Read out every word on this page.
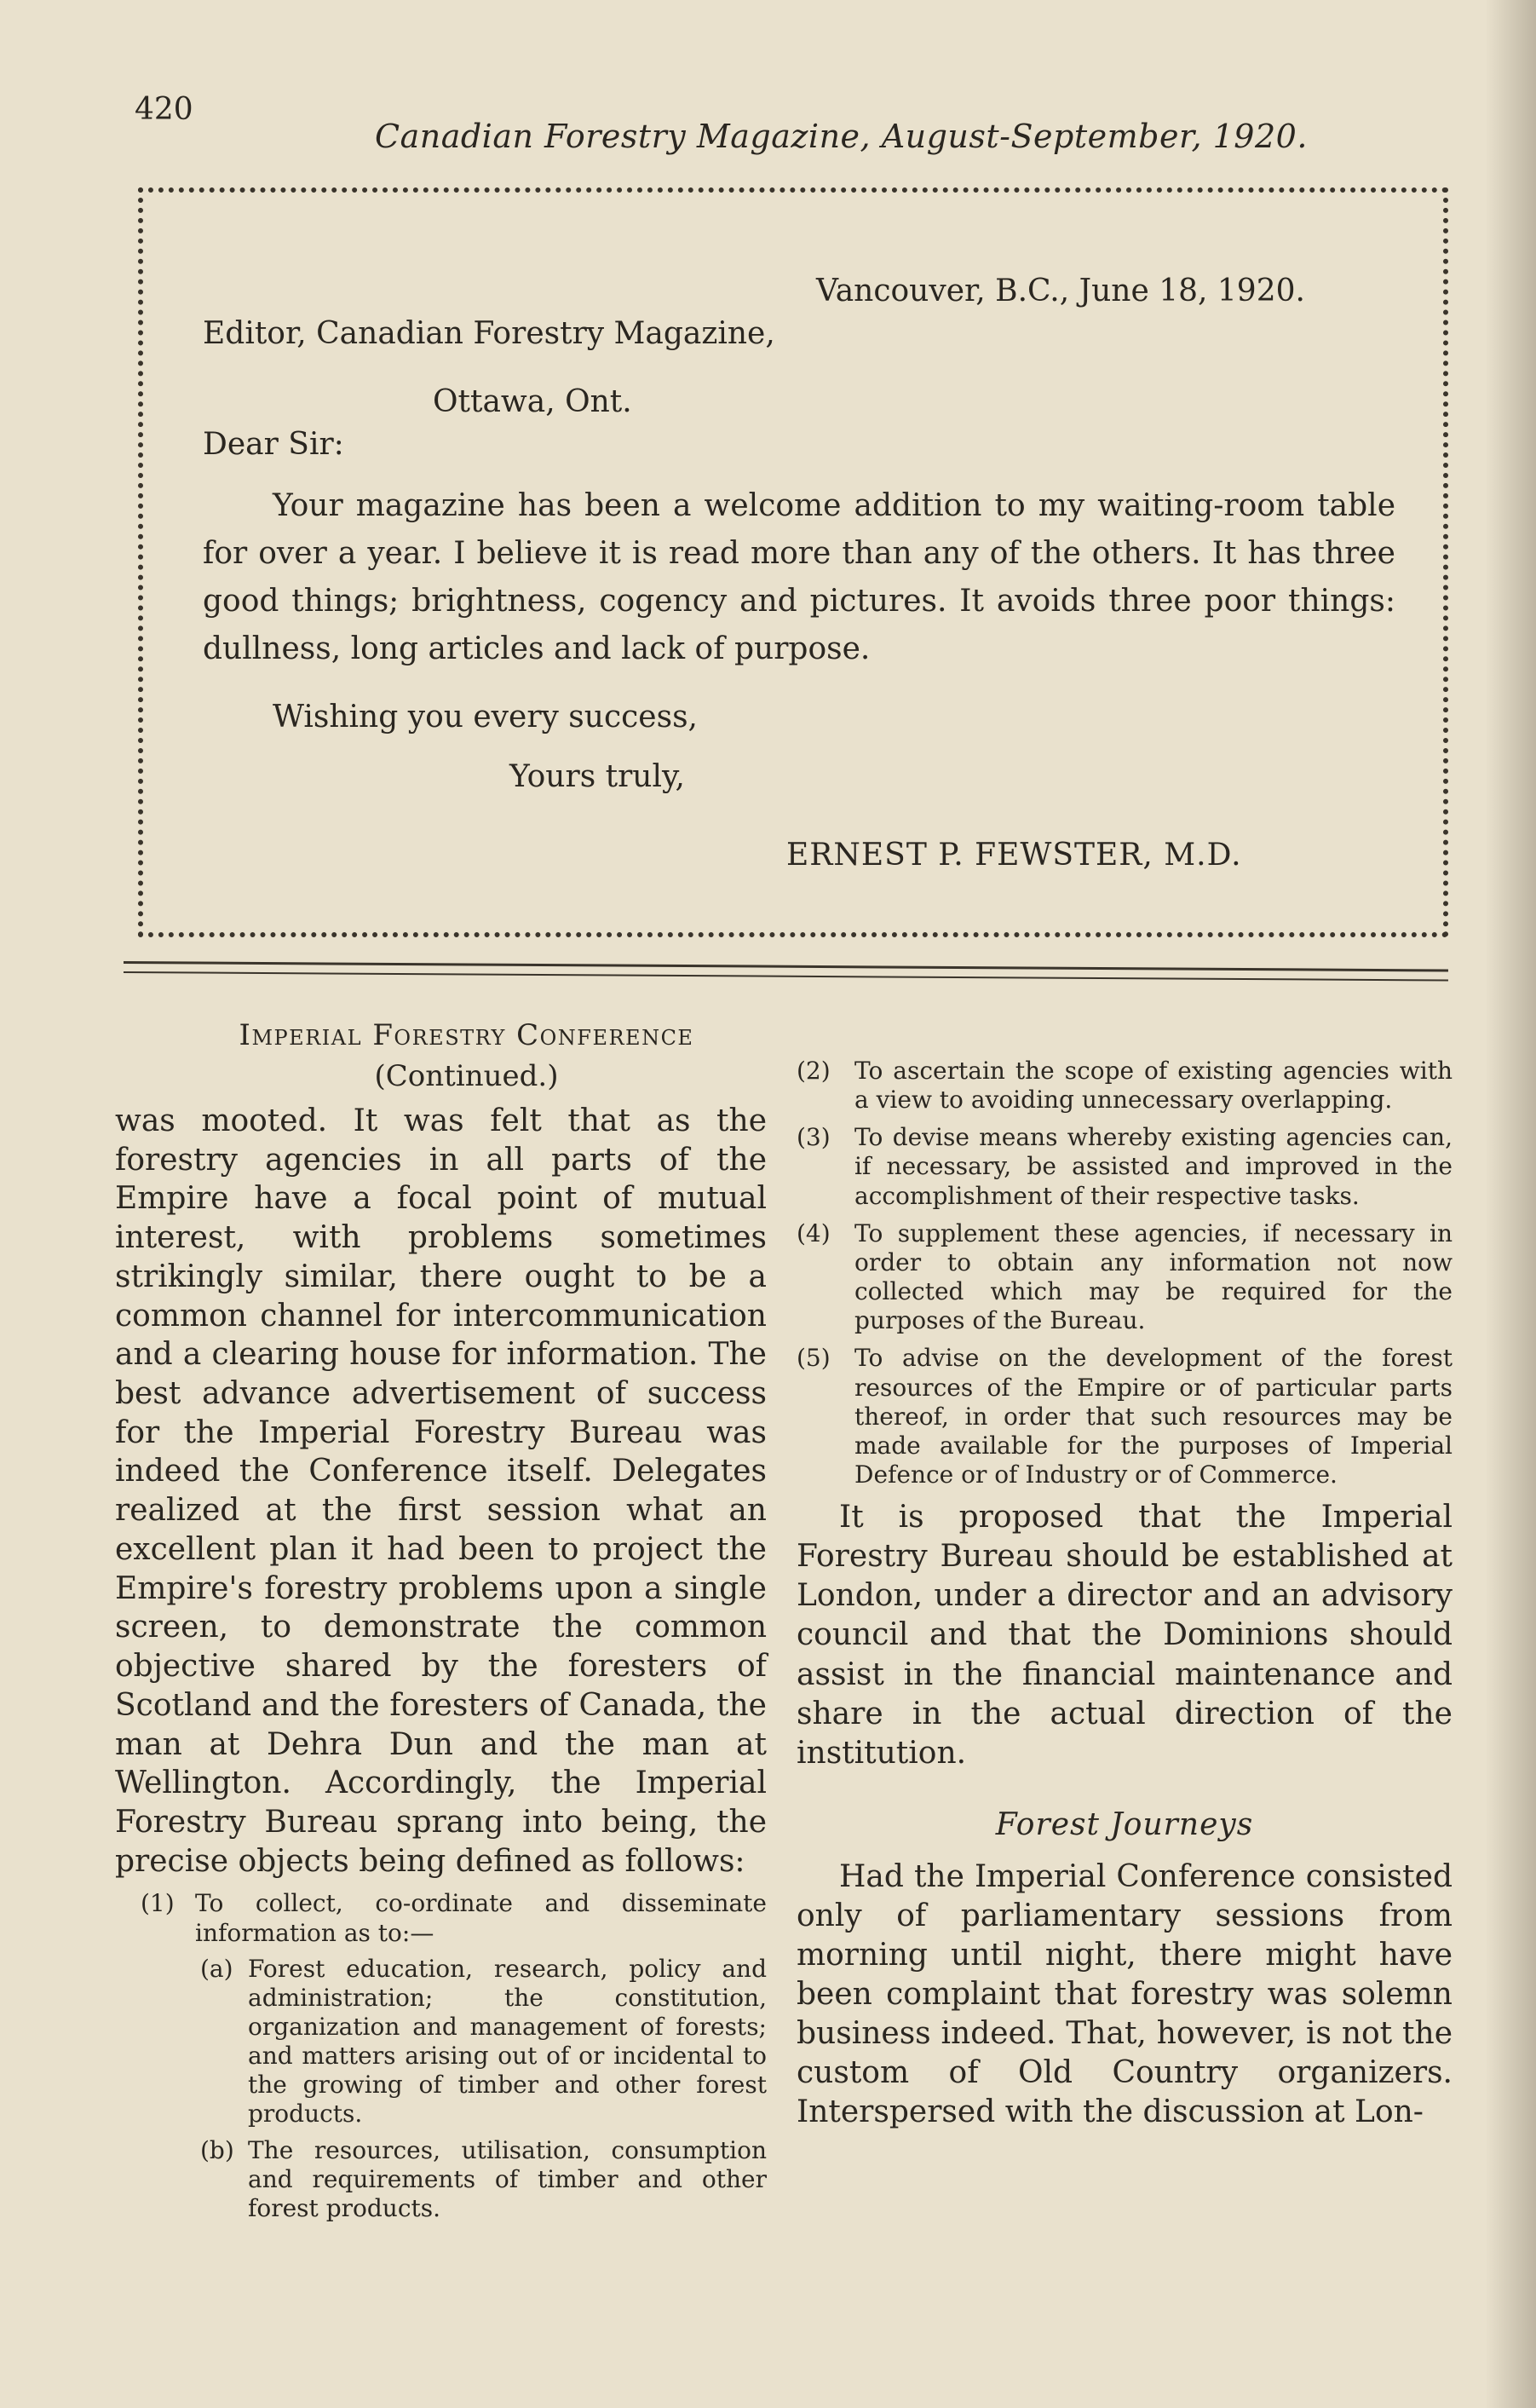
420
Canadian Forestry Magazine, August-September, 1920.
Vancouver, B.C., June 18, 1920.
Editor, Canadian Forestry Magazine,
Ottawa, Ont.
Dear Sir:
Your magazine has been a welcome addition to my waiting-room table for over a year. I believe it is read more than any of the others. It has three good things; brightness, cogency and pictures. It avoids three poor things: dullness, long articles and lack of purpose.
Wishing you every success,
Yours truly,
ERNEST P. FEWSTER, M.D.
Imperial Forestry Conference
(Continued.)

was mooted. It was felt that as the forestry agencies in all parts of the Empire have a focal point of mutual interest, with problems sometimes strikingly similar, there ought to be a common channel for intercommunication and a clearing house for information. The best advance advertisement of success for the Imperial Forestry Bureau was indeed the Conference itself. Delegates realized at the first session what an excellent plan it had been to project the Empire's forestry problems upon a single screen, to demonstrate the common objective shared by the foresters of Scotland and the foresters of Canada, the man at Dehra Dun and the man at Wellington. Accordingly, the Imperial Forestry Bureau sprang into being, the precise objects being defined as follows:

(1) To collect, co-ordinate and disseminate information as to:—
(a) Forest education, research, policy and administration; the constitution, organization and management of forests; and matters arising out of or incidental to the growing of timber and other forest products.
(b) The resources, utilisation, consumption and requirements of timber and other forest products.
(2)	To ascertain the scope of existing agencies with a view to avoiding unnecessary overlapping.
(3)	To devise means whereby existing agencies can, if necessary, be assisted and improved in the accomplishment of their respective tasks.
(4)	To supplement these agencies, if necessary in order to obtain any information not now collected which may be required for the purposes of the Bureau.
(5)	To advise on the development of the forest resources of the Empire or of particular parts thereof, in order that such resources may be made available for the purposes of Imperial Defence or of Industry or of Commerce.

It is proposed that the Imperial Forestry Bureau should be established at London, under a director and an advisory council and that the Dominions should assist in the financial maintenance and share in the actual direction of the institution.

Forest Journeys

Had the Imperial Conference consisted only of parliamentary sessions from morning until night, there might have been complaint that forestry was solemn business indeed. That, however, is not the custom of Old Country organizers. Interspersed with the discussion at Lon-
